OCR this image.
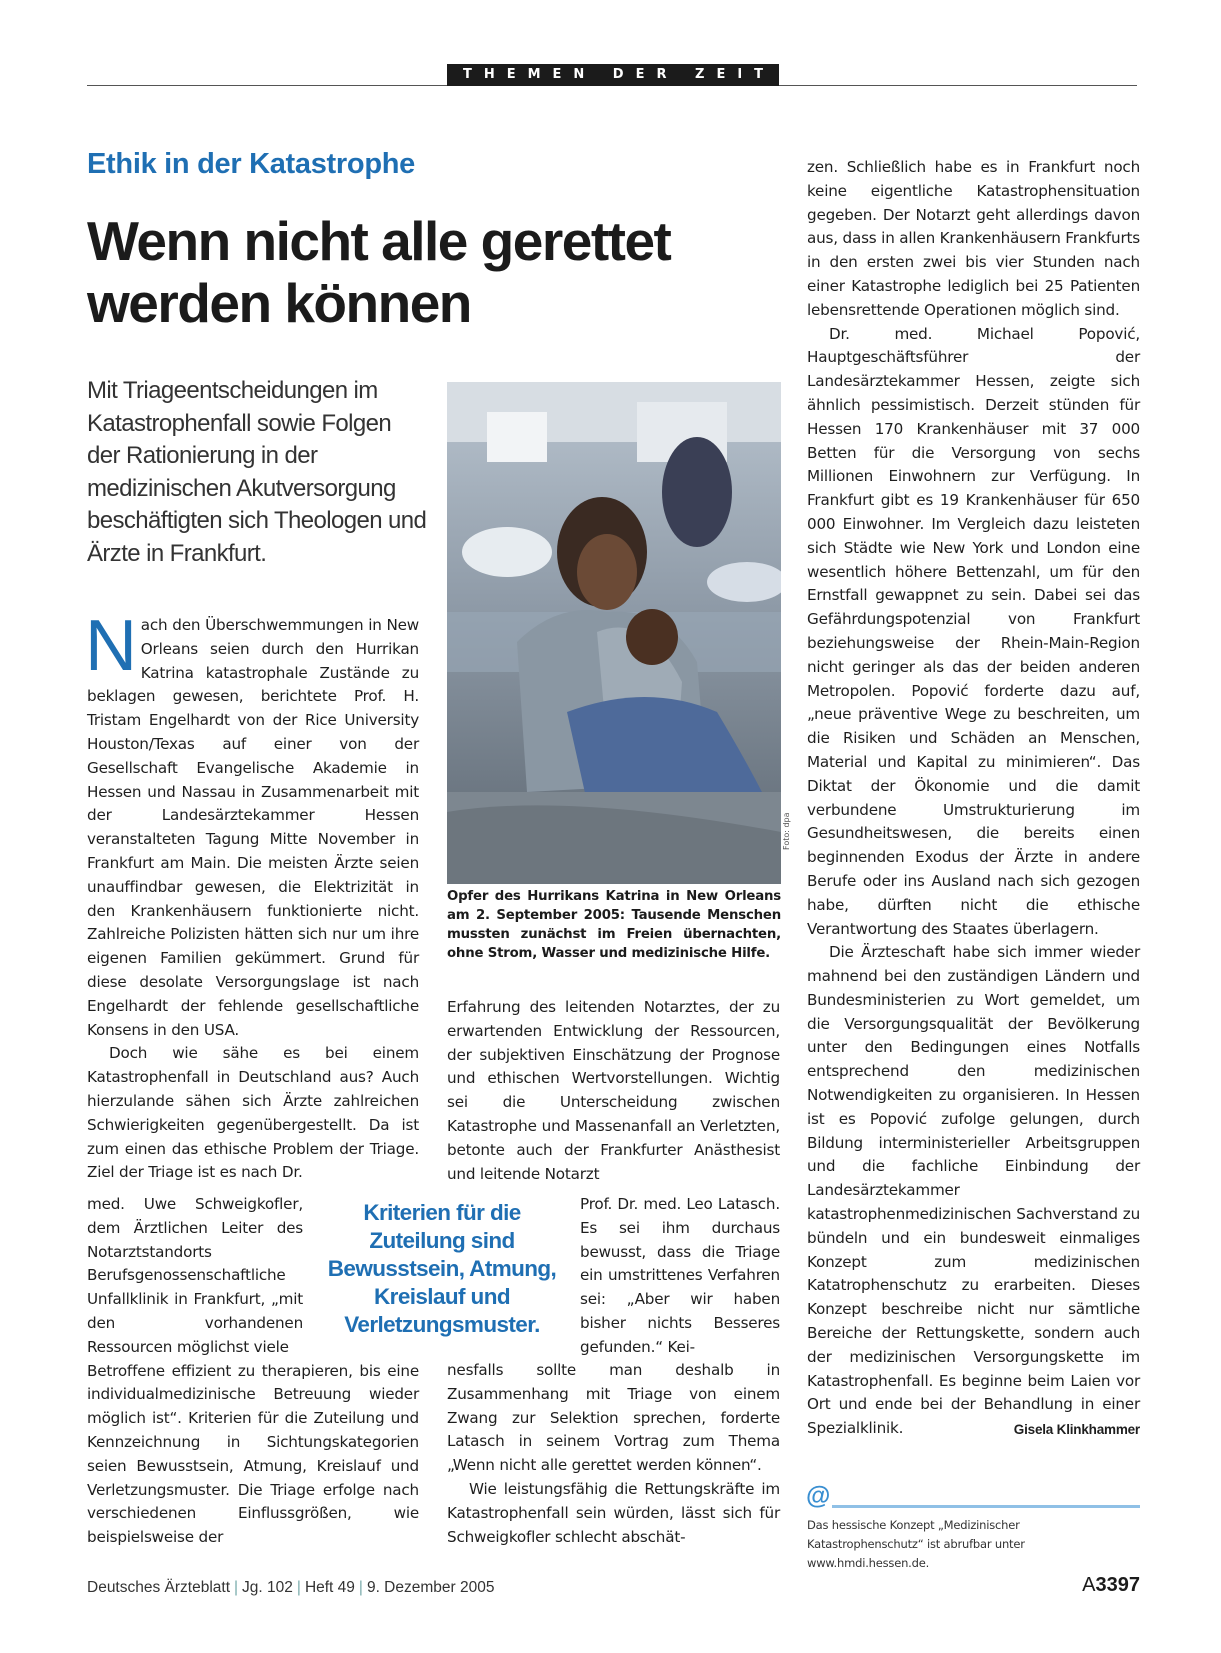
THEMEN DER ZEIT
Ethik in der Katastrophe
Wenn nicht alle gerettet
werden können
Mit Triageentscheidungen im Katastrophenfall sowie Folgen der Rationierung in der medizinischen Akutversorgung beschäftigten sich Theologen und Ärzte in Frankfurt.

Nach den Überschwemmungen in New Orleans seien durch den Hurrikan Katrina katastrophale Zustände zu beklagen gewesen, berichtete Prof. H. Tristam Engelhardt von der Rice University Houston/Texas auf einer von der Gesellschaft Evangelische Akademie in Hessen und Nassau in Zusammenarbeit mit der Landesärztekammer Hessen veranstalteten Tagung Mitte November in Frankfurt am Main. Die meisten Ärzte seien unauffindbar gewesen, die Elektrizität in den Krankenhäusern funktionierte nicht. Zahlreiche Polizisten hätten sich nur um ihre eigenen Familien gekümmert. Grund für diese desolate Versorgungslage ist nach Engelhardt der fehlende gesellschaftliche Konsens in den USA.

Doch wie sähe es bei einem Katastrophenfall in Deutschland aus? Auch hierzulande sähen sich Ärzte zahlreichen Schwierigkeiten gegenübergestellt. Da ist zum einen das ethische Problem der Triage. Ziel der Triage ist es nach Dr.

med. Uwe Schweigkofler, dem Ärztlichen Leiter des Notarztstandorts Berufsgenossenschaftliche Unfallklinik in Frankfurt, „mit den vorhandenen Ressourcen möglichst viele

Betroffene effizient zu therapieren, bis eine individualmedizinische Betreuung wieder möglich ist“. Kriterien für die Zuteilung und Kennzeichnung in Sichtungskategorien seien Bewusstsein, Atmung, Kreislauf und Verletzungsmuster. Die Triage erfolge nach verschiedenen Einflussgrößen, wie beispielsweise der

Foto: dpa
Opfer des Hurrikans Katrina in New Orleans am 2. September 2005: Tausende Menschen mussten zunächst im Freien übernachten, ohne Strom, Wasser und medizinische Hilfe.

Erfahrung des leitenden Notarztes, der zu erwartenden Entwicklung der Ressourcen, der subjektiven Einschätzung der Prognose und ethischen Wertvorstellungen. Wichtig sei die Unterscheidung zwischen Katastrophe und Massenanfall an Verletzten, betonte auch der Frankfurter Anästhesist und leitende Notarzt

Prof. Dr. med. Leo Latasch. Es sei ihm durchaus bewusst, dass die Triage ein umstrittenes Verfahren sei: „Aber wir haben bisher nichts Besseres gefunden.“ Kei-

Kriterien für die Zuteilung sind Bewusstsein, Atmung, Kreislauf und Verletzungsmuster.

nesfalls sollte man deshalb in Zusammenhang mit Triage von einem Zwang zur Selektion sprechen, forderte Latasch in seinem Vortrag zum Thema „Wenn nicht alle gerettet werden können“.

Wie leistungsfähig die Rettungskräfte im Katastrophenfall sein würden, lässt sich für Schweigkofler schlecht abschät-

zen. Schließlich habe es in Frankfurt noch keine eigentliche Katastrophensituation gegeben. Der Notarzt geht allerdings davon aus, dass in allen Krankenhäusern Frankfurts in den ersten zwei bis vier Stunden nach einer Katastrophe lediglich bei 25 Patienten lebensrettende Operationen möglich sind.

Dr. med. Michael Popović, Hauptgeschäftsführer der Landesärztekammer Hessen, zeigte sich ähnlich pessimistisch. Derzeit stünden für Hessen 170 Krankenhäuser mit 37 000 Betten für die Versorgung von sechs Millionen Einwohnern zur Verfügung. In Frankfurt gibt es 19 Krankenhäuser für 650 000 Einwohner. Im Vergleich dazu leisteten sich Städte wie New York und London eine wesentlich höhere Bettenzahl, um für den Ernstfall gewappnet zu sein. Dabei sei das Gefährdungspotenzial von Frankfurt beziehungsweise der Rhein-Main-Region nicht geringer als das der beiden anderen Metropolen. Popović forderte dazu auf, „neue präventive Wege zu beschreiten, um die Risiken und Schäden an Menschen, Material und Kapital zu minimieren“. Das Diktat der Ökonomie und die damit verbundene Umstrukturierung im Gesundheitswesen, die bereits einen beginnenden Exodus der Ärzte in andere Berufe oder ins Ausland nach sich gezogen habe, dürften nicht die ethische Verantwortung des Staates überlagern.

Die Ärzteschaft habe sich immer wieder mahnend bei den zuständigen Ländern und Bundesministerien zu Wort gemeldet, um die Versorgungsqualität der Bevölkerung unter den Bedingungen eines Notfalls entsprechend den medizinischen Notwendigkeiten zu organisieren. In Hessen ist es Popović zufolge gelungen, durch Bildung interministerieller Arbeitsgruppen und die fachliche Einbindung der Landesärztekammer katastrophenmedizinischen Sachverstand zu bündeln und ein bundesweit einmaliges Konzept zum medizinischen Katatrophenschutz zu erarbeiten. Dieses Konzept beschreibe nicht nur sämtliche Bereiche der Rettungskette, sondern auch der medizinischen Versorgungskette im Katastrophenfall. Es beginne beim Laien vor Ort und ende bei der Behandlung in einer Spezialklinik.	Gisela Klinkhammer

@
Das hessische Konzept „Medizinischer Katastrophenschutz“ ist abrufbar unter www.hmdi.hessen.de.
Deutsches Ärzteblatt | Jg. 102 | Heft 49 | 9. Dezember 2005	A3397
